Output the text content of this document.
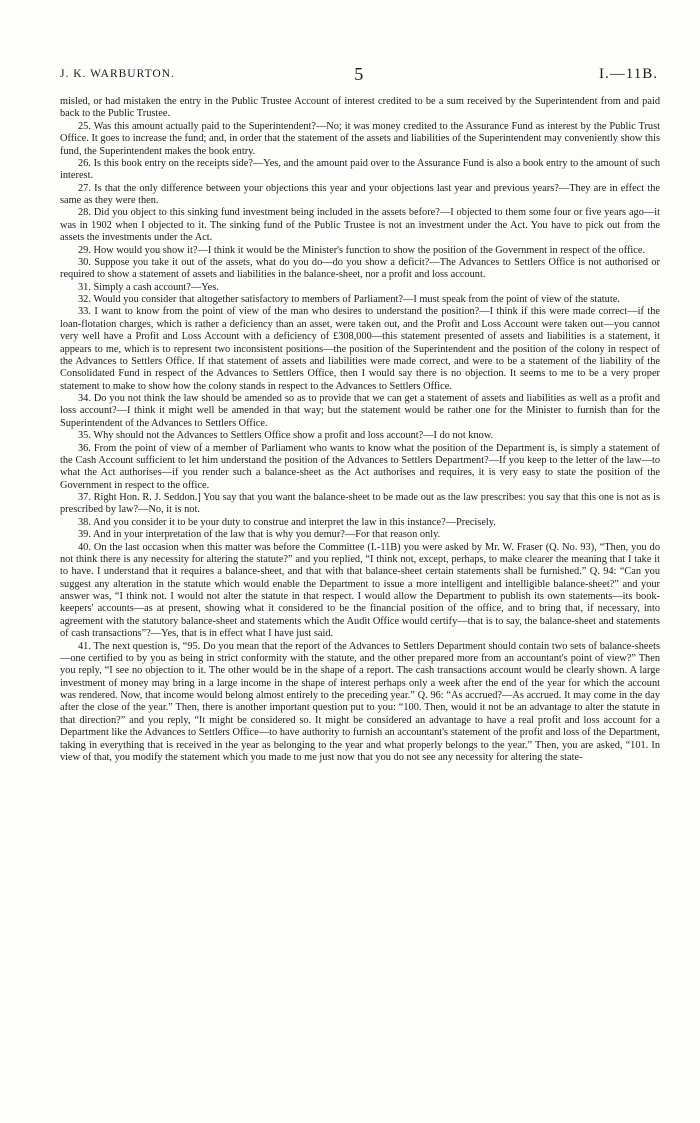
J. K. WARBURTON.	5	I.—11B.

misled, or had mistaken the entry in the Public Trustee Account of interest credited to be a sum received by the Superintendent from and paid back to the Public Trustee.

25. Was this amount actually paid to the Superintendent?—No; it was money credited to the Assurance Fund as interest by the Public Trust Office. It goes to increase the fund; and, in order that the statement of the assets and liabilities of the Superintendent may conveniently show this fund, the Superintendent makes the book entry.

26. Is this book entry on the receipts side?—Yes, and the amount paid over to the Assurance Fund is also a book entry to the amount of such interest.

27. Is that the only difference between your objections this year and your objections last year and previous years?—They are in effect the same as they were then.

28. Did you object to this sinking fund investment being included in the assets before?—I objected to them some four or five years ago—it was in 1902 when I objected to it. The sinking fund of the Public Trustee is not an investment under the Act. You have to pick out from the assets the investments under the Act.

29. How would you show it?—I think it would be the Minister's function to show the position of the Government in respect of the office.

30. Suppose you take it out of the assets, what do you do—do you show a deficit?—The Advances to Settlers Office is not authorised or required to show a statement of assets and liabilities in the balance-sheet, nor a profit and loss account.

31. Simply a cash account?—Yes.

32. Would you consider that altogether satisfactory to members of Parliament?—I must speak from the point of view of the statute.

33. I want to know from the point of view of the man who desires to understand the position?—I think if this were made correct—if the loan-flotation charges, which is rather a deficiency than an asset, were taken out, and the Profit and Loss Account were taken out—you cannot very well have a Profit and Loss Account with a deficiency of £308,000—this statement presented of assets and liabilities is a statement, it appears to me, which is to represent two inconsistent positions—the position of the Superintendent and the position of the colony in respect of the Advances to Settlers Office. If that statement of assets and liabilities were made correct, and were to be a statement of the liability of the Consolidated Fund in respect of the Advances to Settlers Office, then I would say there is no objection. It seems to me to be a very proper statement to make to show how the colony stands in respect to the Advances to Settlers Office.

34. Do you not think the law should be amended so as to provide that we can get a statement of assets and liabilities as well as a profit and loss account?—I think it might well be amended in that way; but the statement would be rather one for the Minister to furnish than for the Superintendent of the Advances to Settlers Office.

35. Why should not the Advances to Settlers Office show a profit and loss account?—I do not know.

36. From the point of view of a member of Parliament who wants to know what the position of the Department is, is simply a statement of the Cash Account sufficient to let him understand the position of the Advances to Settlers Department?—If you keep to the letter of the law—to what the Act authorises—if you render such a balance-sheet as the Act authorises and requires, it is very easy to state the position of the Government in respect to the office.

37. Right Hon. R. J. Seddon.] You say that you want the balance-sheet to be made out as the law prescribes: you say that this one is not as is prescribed by law?—No, it is not.

38. And you consider it to be your duty to construe and interpret the law in this instance?—Precisely.

39. And in your interpretation of the law that is why you demur?—For that reason only.

40. On the last occasion when this matter was before the Committee (I.-11B) you were asked by Mr. W. Fraser (Q. No. 93), “Then, you do not think there is any necessity for altering the statute?” and you replied, “I think not, except, perhaps, to make clearer the meaning that I take it to have. I understand that it requires a balance-sheet, and that with that balance-sheet certain statements shall be furnished.” Q. 94: “Can you suggest any alteration in the statute which would enable the Department to issue a more intelligent and intelligible balance-sheet?” and your answer was, “I think not. I would not alter the statute in that respect. I would allow the Department to publish its own statements—its book-keepers' accounts—as at present, showing what it considered to be the financial position of the office, and to bring that, if necessary, into agreement with the statutory balance-sheet and statements which the Audit Office would certify—that is to say, the balance-sheet and statements of cash transactions”?—Yes, that is in effect what I have just said.

41. The next question is, “95. Do you mean that the report of the Advances to Settlers Department should contain two sets of balance-sheets—one certified to by you as being in strict conformity with the statute, and the other prepared more from an accountant's point of view?” Then you reply, “I see no objection to it. The other would be in the shape of a report. The cash transactions account would be clearly shown. A large investment of money may bring in a large income in the shape of interest perhaps only a week after the end of the year for which the account was rendered. Now, that income would belong almost entirely to the preceding year.” Q. 96: “As accrued?—As accrued. It may come in the day after the close of the year.” Then, there is another important question put to you: “100. Then, would it not be an advantage to alter the statute in that direction?” and you reply, “It might be considered so. It might be considered an advantage to have a real profit and loss account for a Department like the Advances to Settlers Office—to have authority to furnish an accountant's statement of the profit and loss of the Department, taking in everything that is received in the year as belonging to the year and what properly belongs to the year.” Then, you are asked, “101. In view of that, you modify the statement which you made to me just now that you do not see any necessity for altering the state-
